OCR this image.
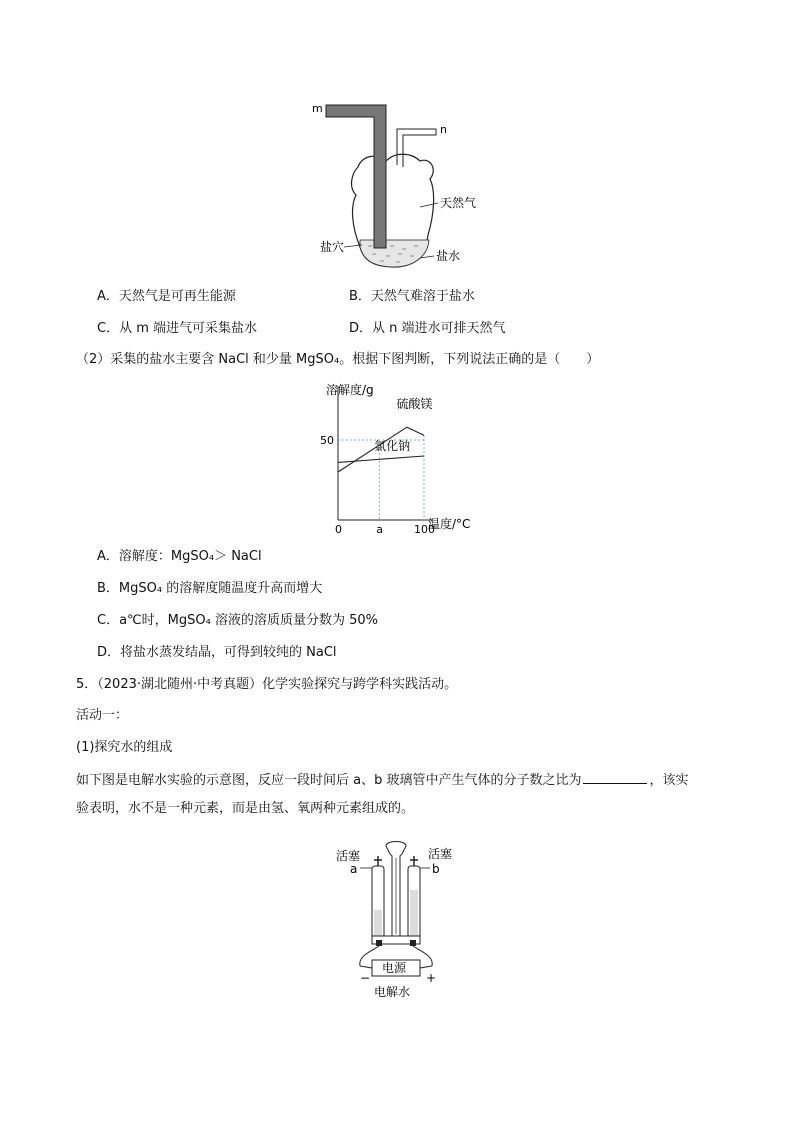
m
n
天然气
盐穴
盐水
A．天然气是可再生能源	B．天然气难溶于盐水
C．从 m 端进气可采集盐水	D．从 n 端进水可排天然气
（2）采集的盐水主要含 NaCl 和少量 MgSO₄。根据下图判断，下列说法正确的是（　　）
溶解度/g
温度/°C
50
0	a	100
硫酸镁
氯化钠
A．溶解度：MgSO₄＞ NaCl
B．MgSO₄ 的溶解度随温度升高而增大
C．a℃时，MgSO₄ 溶液的溶质质量分数为 50%
D．将盐水蒸发结晶，可得到较纯的 NaCl
5．（2023·湖北随州·中考真题）化学实验探究与跨学科实践活动。
活动一：
(1)探究水的组成
如下图是电解水实验的示意图，反应一段时间后 a、b 玻璃管中产生气体的分子数之比为	，该实
验表明，水不是一种元素，而是由氢、氧两种元素组成的。
活塞	活塞
a	b
电源
−	+
电解水
